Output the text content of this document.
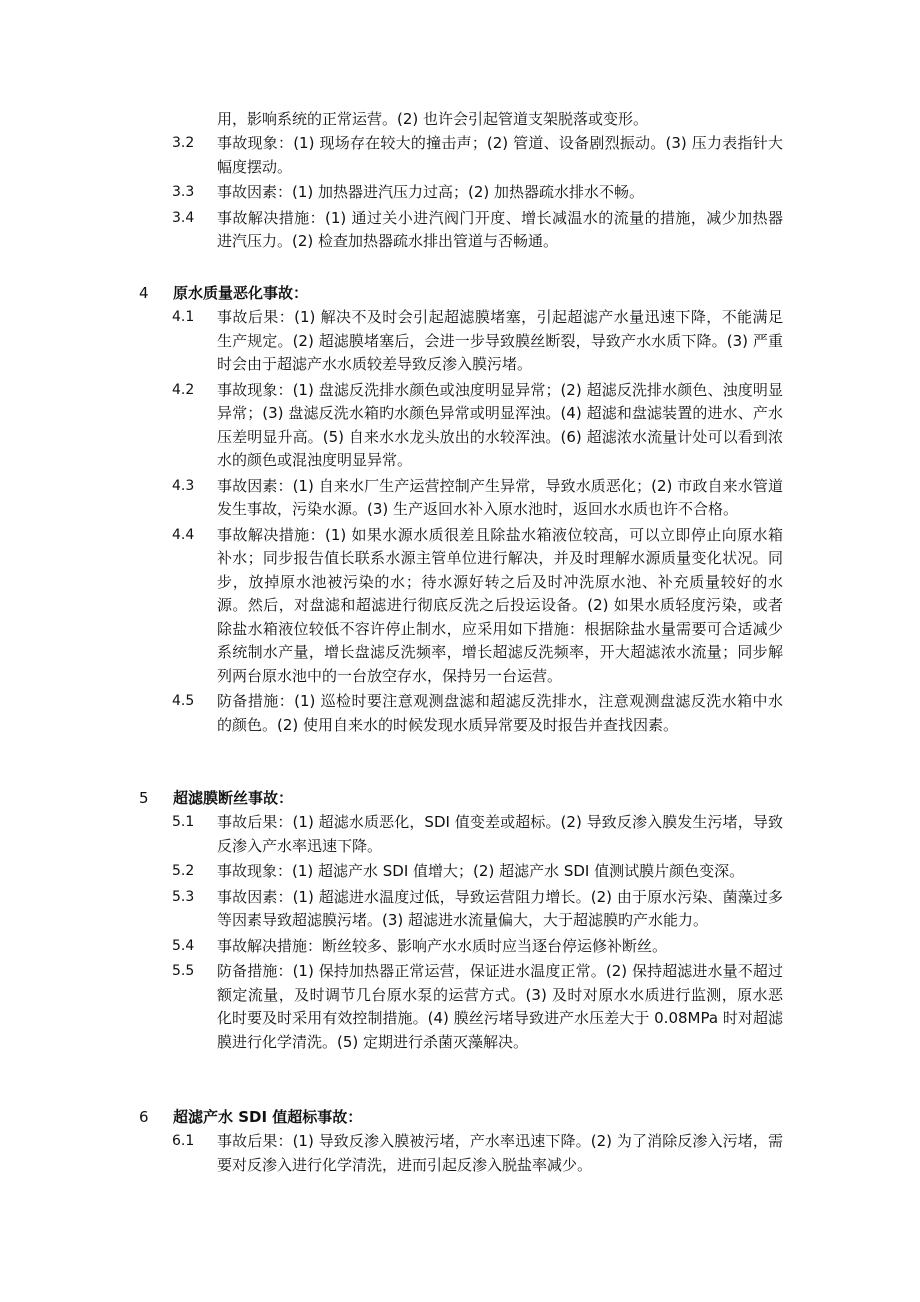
用，影响系统的正常运营。(2) 也许会引起管道支架脱落或变形。
3.2	事故现象：(1) 现场存在较大的撞击声；(2) 管道、设备剧烈振动。(3) 压力表指针大幅度摆动。
3.3	事故因素：(1) 加热器进汽压力过高；(2) 加热器疏水排水不畅。
3.4	事故解决措施：(1) 通过关小进汽阀门开度、增长减温水的流量的措施，减少加热器进汽压力。(2) 检查加热器疏水排出管道与否畅通。
4 原水质量恶化事故：
4.1	事故后果：(1) 解决不及时会引起超滤膜堵塞，引起超滤产水量迅速下降，不能满足生产规定。(2) 超滤膜堵塞后，会进一步导致膜丝断裂，导致产水水质下降。(3) 严重时会由于超滤产水水质较差导致反渗入膜污堵。
4.2	事故现象：(1) 盘滤反洗排水颜色或浊度明显异常；(2) 超滤反洗排水颜色、浊度明显异常；(3) 盘滤反洗水箱旳水颜色异常或明显浑浊。(4) 超滤和盘滤装置的进水、产水压差明显升高。(5) 自来水水龙头放出的水较浑浊。(6) 超滤浓水流量计处可以看到浓水的颜色或混浊度明显异常。
4.3	事故因素：(1) 自来水厂生产运营控制产生异常，导致水质恶化；(2) 市政自来水管道发生事故，污染水源。(3) 生产返回水补入原水池时，返回水水质也许不合格。
4.4	事故解决措施：(1) 如果水源水质很差且除盐水箱液位较高，可以立即停止向原水箱补水；同步报告值长联系水源主管单位进行解决，并及时理解水源质量变化状况。同步，放掉原水池被污染的水；待水源好转之后及时冲洗原水池、补充质量较好的水源。然后，对盘滤和超滤进行彻底反洗之后投运设备。(2) 如果水质轻度污染，或者除盐水箱液位较低不容许停止制水，应采用如下措施：根据除盐水量需要可合适减少系统制水产量，增长盘滤反洗频率，增长超滤反洗频率，开大超滤浓水流量；同步解列两台原水池中的一台放空存水，保持另一台运营。
4.5	防备措施：(1) 巡检时要注意观测盘滤和超滤反洗排水，注意观测盘滤反洗水箱中水的颜色。(2) 使用自来水的时候发现水质异常要及时报告并查找因素。
5 超滤膜断丝事故：
5.1	事故后果：(1) 超滤水质恶化，SDI 值变差或超标。(2) 导致反渗入膜发生污堵，导致反渗入产水率迅速下降。
5.2	事故现象：(1) 超滤产水 SDI 值增大；(2) 超滤产水 SDI 值测试膜片颜色变深。
5.3	事故因素：(1) 超滤进水温度过低，导致运营阻力增长。(2) 由于原水污染、菌藻过多等因素导致超滤膜污堵。(3) 超滤进水流量偏大，大于超滤膜旳产水能力。
5.4	事故解决措施：断丝较多、影响产水水质时应当逐台停运修补断丝。
5.5	防备措施：(1) 保持加热器正常运营，保证进水温度正常。(2) 保持超滤进水量不超过额定流量，及时调节几台原水泵的运营方式。(3) 及时对原水水质进行监测，原水恶化时要及时采用有效控制措施。(4) 膜丝污堵导致进产水压差大于 0.08MPa 时对超滤膜进行化学清洗。(5) 定期进行杀菌灭藻解决。
6 超滤产水 SDI 值超标事故：
6.1	事故后果：(1) 导致反渗入膜被污堵，产水率迅速下降。(2) 为了消除反渗入污堵，需要对反渗入进行化学清洗，进而引起反渗入脱盐率减少。
